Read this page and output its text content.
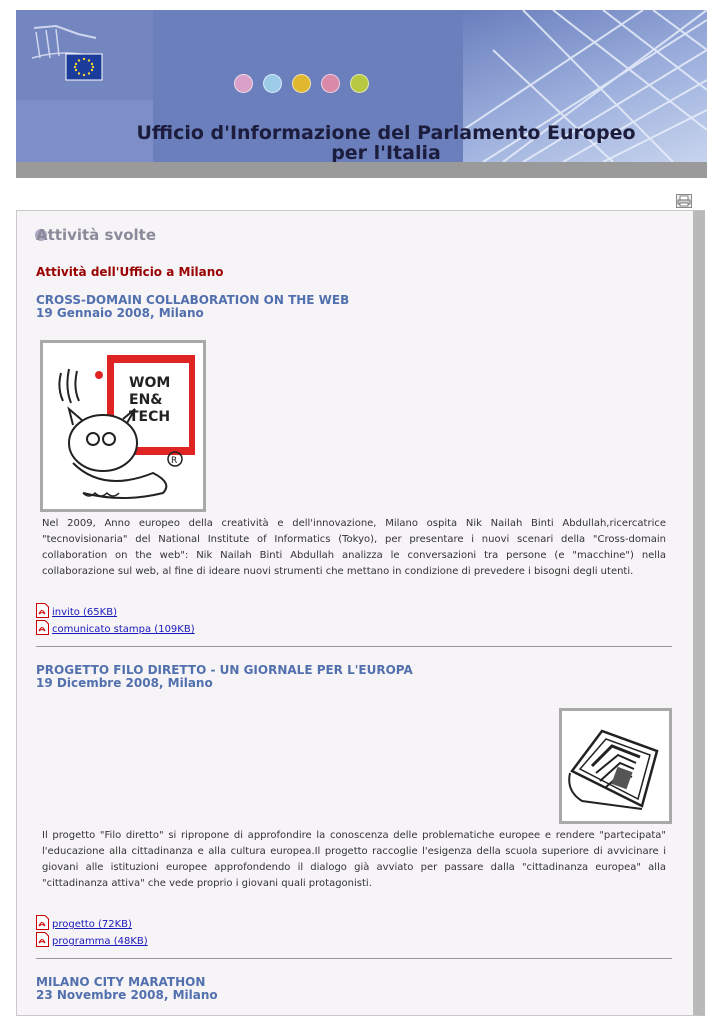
Ufficio d'Informazione del Parlamento Europeo
per l'Italia
Attività svolte
Attività dell'Ufficio a Milano
CROSS-DOMAIN COLLABORATION ON THE WEB
19 Gennaio 2008, Milano
WOM
EN&
TECH
R
Nel 2009, Anno europeo della creatività e dell'innovazione, Milano ospita Nik Nailah Binti Abdullah,ricercatrice "tecnovisionaria" del National Institute of Informatics (Tokyo), per presentare i nuovi scenari della "Cross-domain collaboration on the web": Nik Nailah Binti Abdullah analizza le conversazioni tra persone (e "macchine") nella collaborazione sul web, al fine di ideare nuovi strumenti che mettano in condizione di prevedere i bisogni degli utenti.
invito (65KB)
comunicato stampa (109KB)
PROGETTO FILO DIRETTO - UN GIORNALE PER L'EUROPA
19 Dicembre 2008, Milano
Il progetto "Filo diretto" si ripropone di approfondire la conoscenza delle problematiche europee e rendere "partecipata" l'educazione alla cittadinanza e alla cultura europea.Il progetto raccoglie l'esigenza della scuola superiore di avvicinare i giovani alle istituzioni europee approfondendo il dialogo già avviato per passare dalla "cittadinanza europea" alla "cittadinanza attiva" che vede proprio i giovani quali protagonisti.
progetto (72KB)
programma (48KB)
MILANO CITY MARATHON
23 Novembre 2008, Milano
